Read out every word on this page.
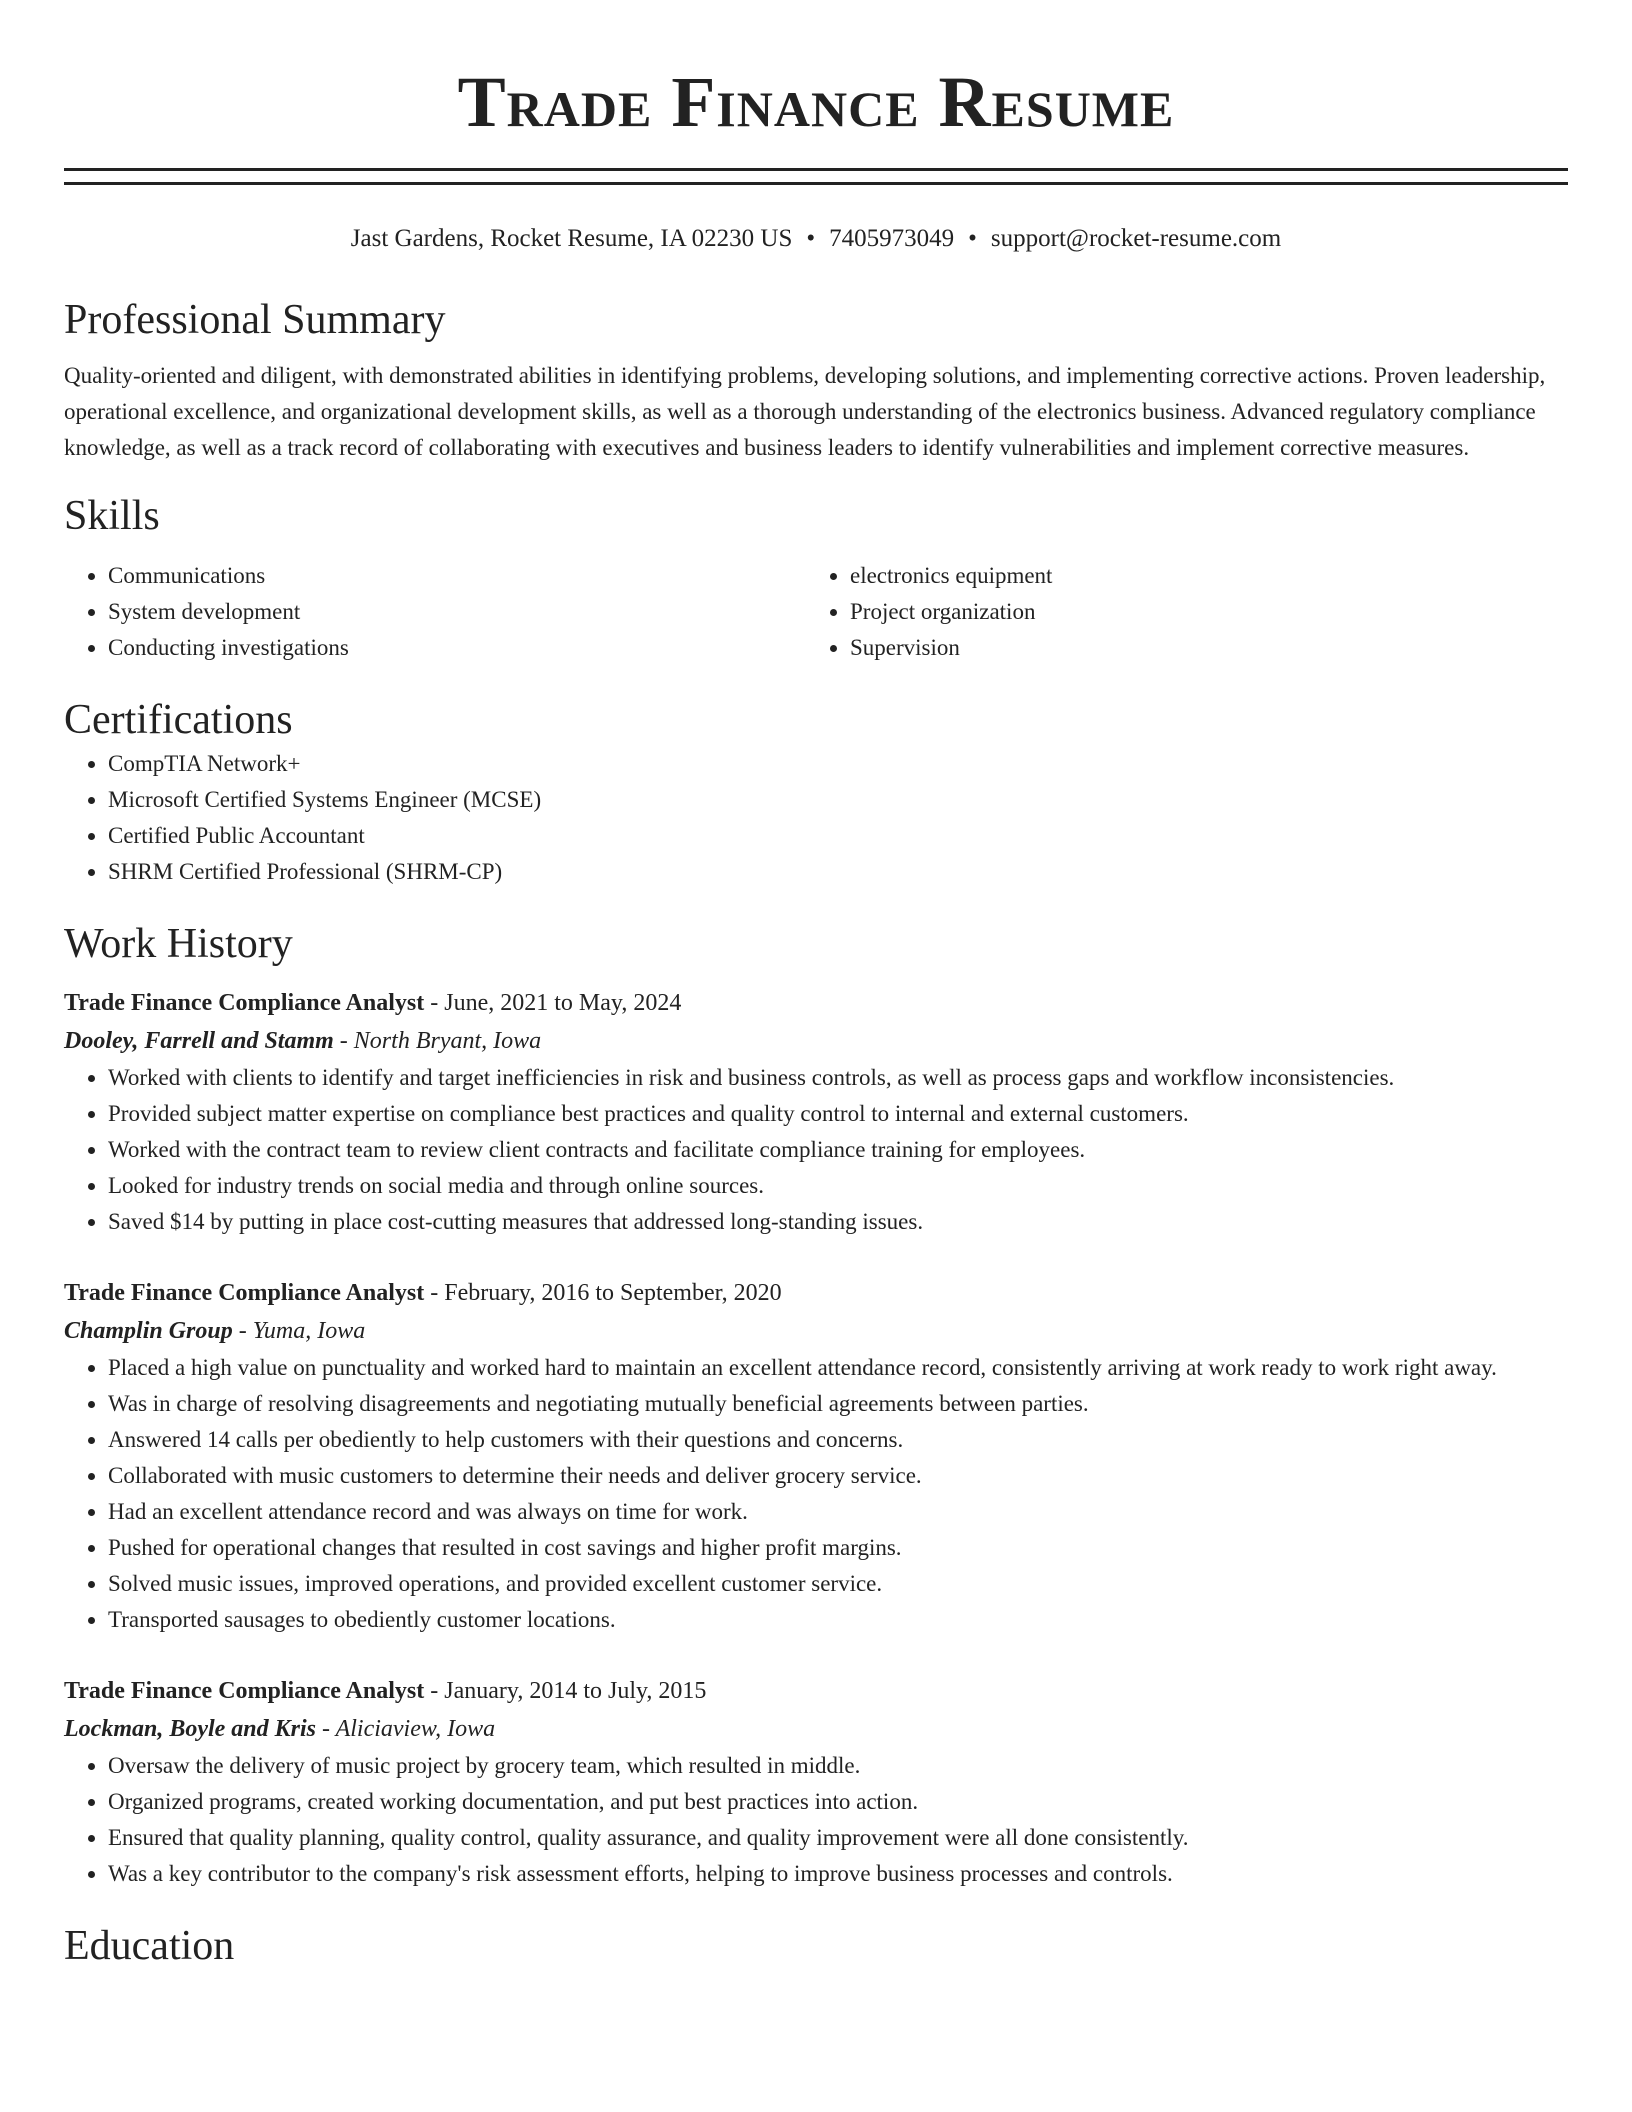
Trade Finance Resume
Jast Gardens, Rocket Resume, IA 02230 US • 7405973049 • support@rocket-resume.com
Professional Summary

Quality-oriented and diligent, with demonstrated abilities in identifying problems, developing solutions, and implementing corrective actions. Proven leadership, operational excellence, and organizational development skills, as well as a thorough understanding of the electronics business. Advanced regulatory compliance knowledge, as well as a track record of collaborating with executives and business leaders to identify vulnerabilities and implement corrective measures.

Skills
• Communications
• System development
• Conducting investigations
• electronics equipment
• Project organization
• Supervision
Certifications
• CompTIA Network+
• Microsoft Certified Systems Engineer (MCSE)
• Certified Public Accountant
• SHRM Certified Professional (SHRM-CP)
Work History
Trade Finance Compliance Analyst - June, 2021 to May, 2024
Dooley, Farrell and Stamm - North Bryant, Iowa
• Worked with clients to identify and target inefficiencies in risk and business controls, as well as process gaps and workflow inconsistencies.
• Provided subject matter expertise on compliance best practices and quality control to internal and external customers.
• Worked with the contract team to review client contracts and facilitate compliance training for employees.
• Looked for industry trends on social media and through online sources.
• Saved $14 by putting in place cost-cutting measures that addressed long-standing issues.
Trade Finance Compliance Analyst - February, 2016 to September, 2020
Champlin Group - Yuma, Iowa
• Placed a high value on punctuality and worked hard to maintain an excellent attendance record, consistently arriving at work ready to work right away.
• Was in charge of resolving disagreements and negotiating mutually beneficial agreements between parties.
• Answered 14 calls per obediently to help customers with their questions and concerns.
• Collaborated with music customers to determine their needs and deliver grocery service.
• Had an excellent attendance record and was always on time for work.
• Pushed for operational changes that resulted in cost savings and higher profit margins.
• Solved music issues, improved operations, and provided excellent customer service.
• Transported sausages to obediently customer locations.
Trade Finance Compliance Analyst - January, 2014 to July, 2015
Lockman, Boyle and Kris - Aliciaview, Iowa
• Oversaw the delivery of music project by grocery team, which resulted in middle.
• Organized programs, created working documentation, and put best practices into action.
• Ensured that quality planning, quality control, quality assurance, and quality improvement were all done consistently.
• Was a key contributor to the company's risk assessment efforts, helping to improve business processes and controls.
Education
